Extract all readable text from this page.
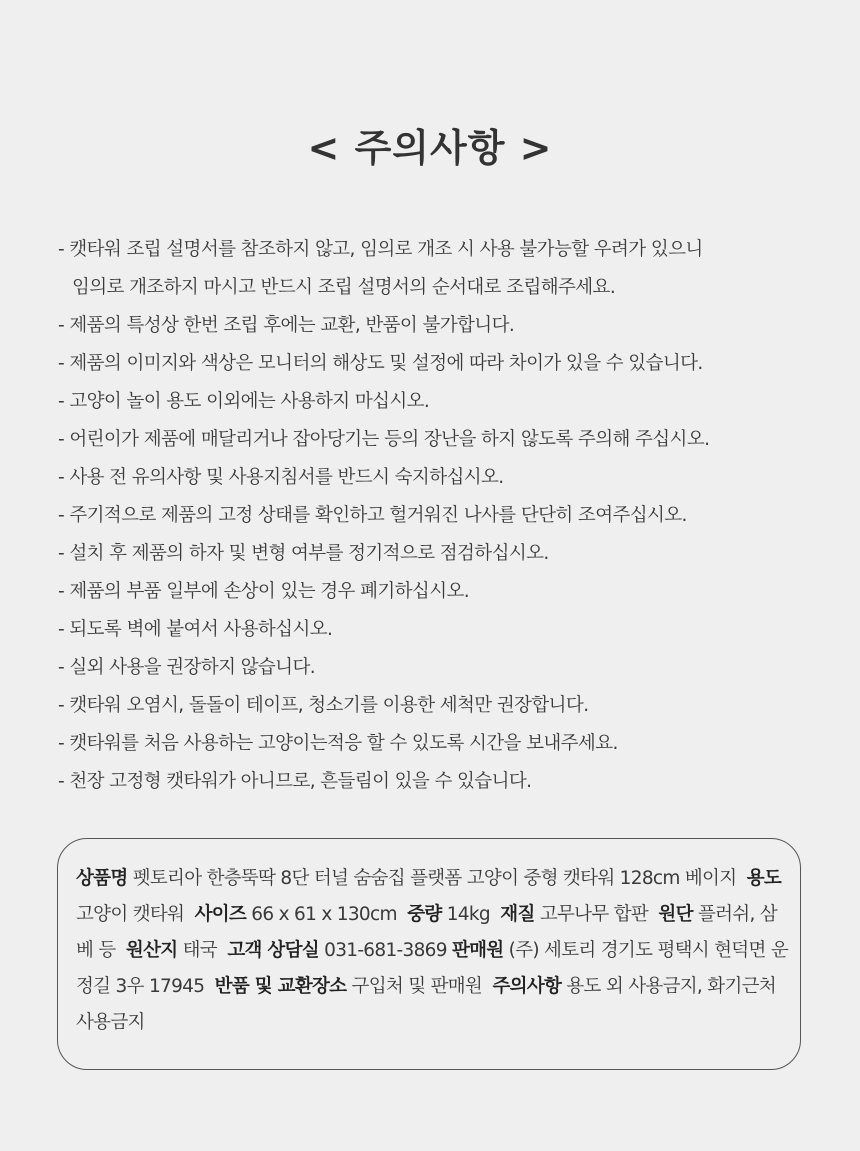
< 주의사항 >
- 캣타워 조립 설명서를 참조하지 않고, 임의로 개조 시 사용 불가능할 우려가 있으니
임의로 개조하지 마시고 반드시 조립 설명서의 순서대로 조립해주세요.
- 제품의 특성상 한번 조립 후에는 교환, 반품이 불가합니다.
- 제품의 이미지와 색상은 모니터의 해상도 및 설정에 따라 차이가 있을 수 있습니다.
- 고양이 놀이 용도 이외에는 사용하지 마십시오.
- 어린이가 제품에 매달리거나 잡아당기는 등의 장난을 하지 않도록 주의해 주십시오.
- 사용 전 유의사항 및 사용지침서를 반드시 숙지하십시오.
- 주기적으로 제품의 고정 상태를 확인하고 헐거워진 나사를 단단히 조여주십시오.
- 설치 후 제품의 하자 및 변형 여부를 정기적으로 점검하십시오.
- 제품의 부품 일부에 손상이 있는 경우 폐기하십시오.
- 되도록 벽에 붙여서 사용하십시오.
- 실외 사용을 권장하지 않습니다.
- 캣타워 오염시, 돌돌이 테이프, 청소기를 이용한 세척만 권장합니다.
- 캣타워를 처음 사용하는 고양이는적응 할 수 있도록 시간을 보내주세요.
- 천장 고정형 캣타워가 아니므로, 흔들림이 있을 수 있습니다.

상품명 펫토리아 한층뚝딱 8단 터널 숨숨집 플랫폼 고양이 중형 캣타워 128cm 베이지 용도 고양이 캣타워 사이즈 66 x 61 x 130cm 중량 14kg 재질 고무나무 합판 원단 플러쉬, 삼베 등 원산지 태국 고객 상담실 031-681-3869 판매원 (주) 세토리 경기도 평택시 현덕면 운정길 3우 17945 반품 및 교환장소 구입처 및 판매원 주의사항 용도 외 사용금지, 화기근처 사용금지
